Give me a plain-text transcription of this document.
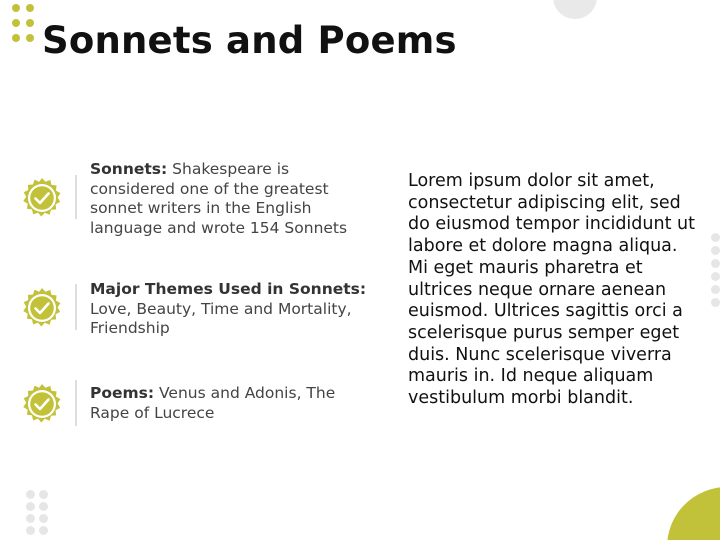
Sonnets and Poems

Sonnets: Shakespeare is considered one of the greatest sonnet writers in the English language and wrote 154 Sonnets

Major Themes Used in Sonnets: Love, Beauty, Time and Mortality, Friendship

Poems: Venus and Adonis, The Rape of Lucrece

Lorem ipsum dolor sit amet, consectetur adipiscing elit, sed do eiusmod tempor incididunt ut labore et dolore magna aliqua. Mi eget mauris pharetra et ultrices neque ornare aenean euismod. Ultrices sagittis orci a scelerisque purus semper eget duis. Nunc scelerisque viverra mauris in. Id neque aliquam vestibulum morbi blandit.
